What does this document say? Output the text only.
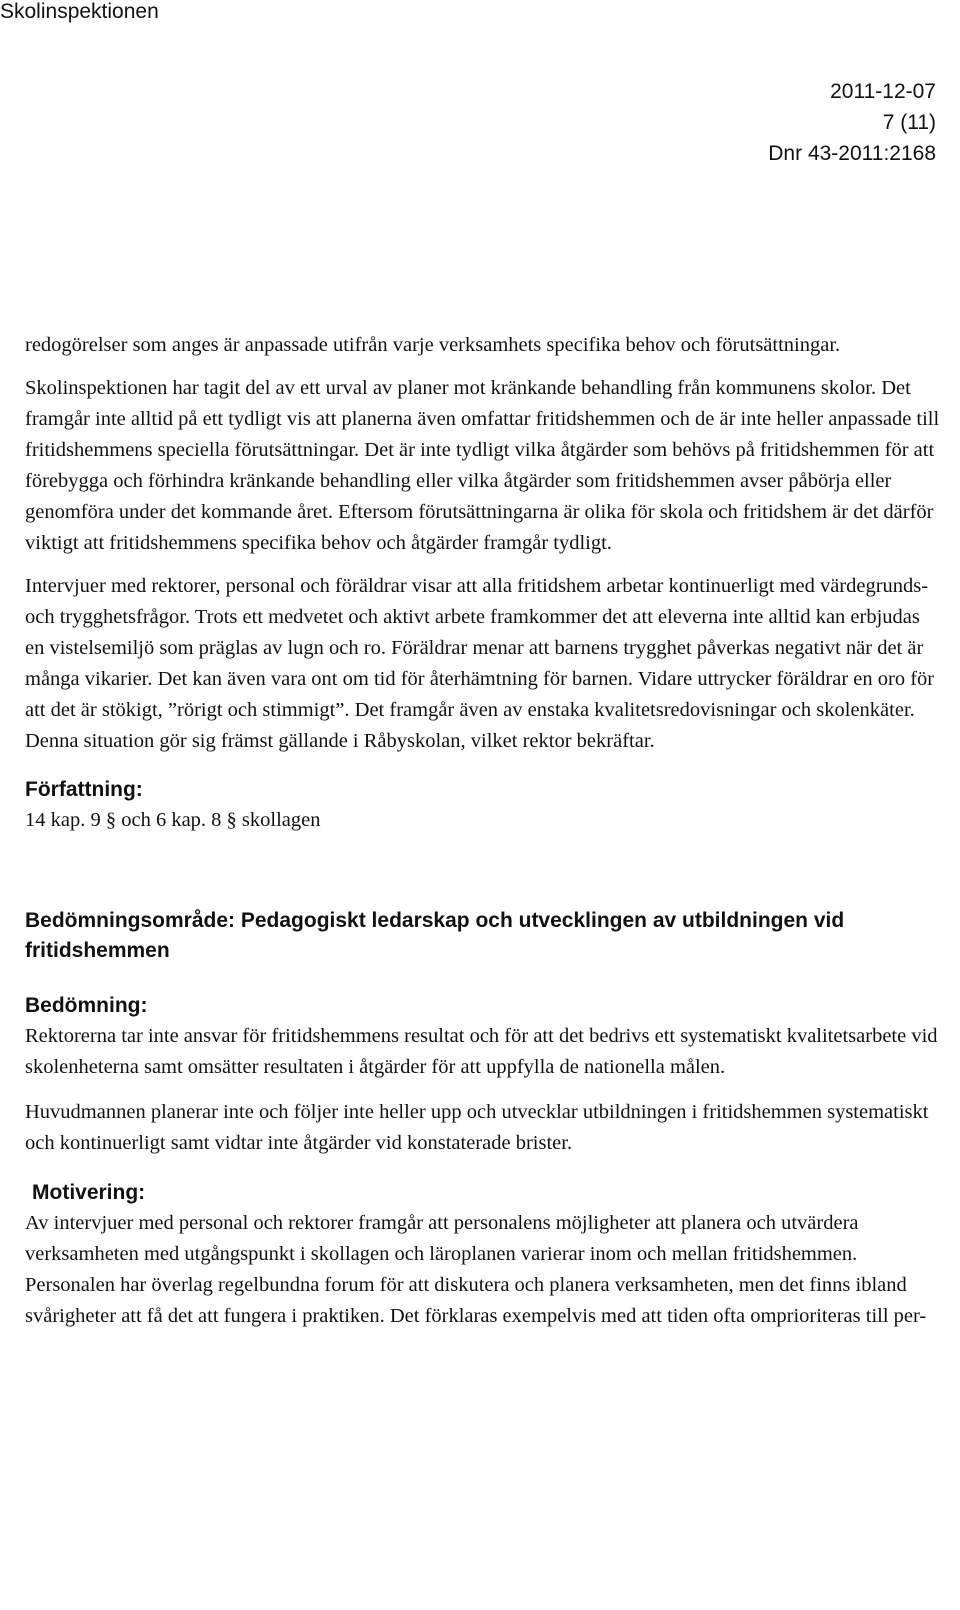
Skolinspektionen
2011-12-07
7 (11)
Dnr 43-2011:2168

redogörelser som anges är anpassade utifrån varje verksamhets specifika behov och förutsättningar.

Skolinspektionen har tagit del av ett urval av planer mot kränkande behandling från kommunens skolor. Det framgår inte alltid på ett tydligt vis att planerna även omfattar fritidshemmen och de är inte heller anpassade till fritidshemmens speciella förutsättningar. Det är inte tydligt vilka åtgärder som behövs på fritidshemmen för att förebygga och förhindra kränkande behandling eller vilka åtgärder som fritidshemmen avser påbörja eller genomföra under det kommande året. Eftersom förutsättningarna är olika för skola och fritidshem är det därför viktigt att fritidshemmens specifika behov och åtgärder framgår tydligt.

Intervjuer med rektorer, personal och föräldrar visar att alla fritidshem arbetar kontinuerligt med värdegrunds- och trygghetsfrågor. Trots ett medvetet och aktivt arbete framkommer det att eleverna inte alltid kan erbjudas en vistelsemiljö som präglas av lugn och ro. Föräldrar menar att barnens trygghet påverkas negativt när det är många vikarier. Det kan även vara ont om tid för återhämtning för barnen. Vidare uttrycker föräldrar en oro för att det är stökigt, ”rörigt och stimmigt”. Det framgår även av enstaka kvalitetsredovisningar och skolenkäter. Denna situation gör sig främst gällande i Råbyskolan, vilket rektor bekräftar.

Författning:

14 kap. 9 § och 6 kap. 8 § skollagen

Bedömningsområde: Pedagogiskt ledarskap och utvecklingen av utbildningen vid fritidshemmen
Bedömning:

Rektorerna tar inte ansvar för fritidshemmens resultat och för att det bedrivs ett systematiskt kvalitetsarbete vid skolenheterna samt omsätter resultaten i åtgärder för att uppfylla de nationella målen.

Huvudmannen planerar inte och följer inte heller upp och utvecklar utbildningen i fritidshemmen systematiskt och kontinuerligt samt vidtar inte åtgärder vid konstaterade brister.

Motivering:

Av intervjuer med personal och rektorer framgår att personalens möjligheter att planera och utvärdera verksamheten med utgångspunkt i skollagen och läroplanen varierar inom och mellan fritidshemmen. Personalen har överlag regelbundna forum för att diskutera och planera verksamheten, men det finns ibland svårigheter att få det att fungera i praktiken. Det förklaras exempelvis med att tiden ofta omprioriteras till per-
